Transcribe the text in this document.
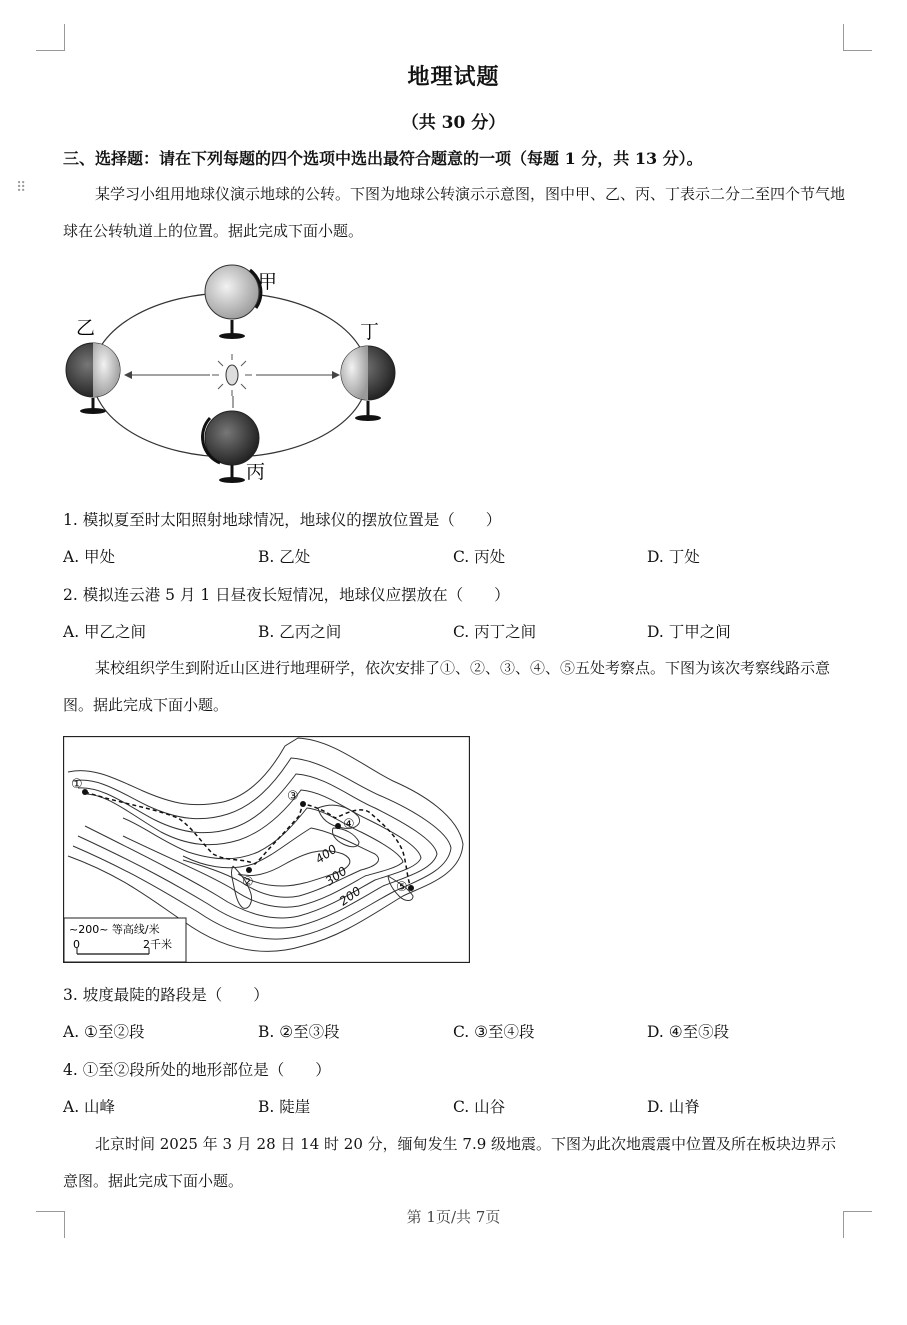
⠿
地理试题
（共 30 分）
三、选择题：请在下列每题的四个选项中选出最符合题意的一项（每题 1 分，共 13 分）。
某学习小组用地球仪演示地球的公转。下图为地球公转演示示意图，图中甲、乙、丙、丁表示二分二至四个节气地球在公转轨道上的位置。据此完成下面小题。
甲
乙
丙
丁
1. 模拟夏至时太阳照射地球情况，地球仪的摆放位置是（　　）
A. 甲处	B. 乙处	C. 丙处	D. 丁处
2. 模拟连云港 5 月 1 日昼夜长短情况，地球仪应摆放在（　　）
A. 甲乙之间	B. 乙丙之间	C. 丙丁之间	D. 丁甲之间
某校组织学生到附近山区进行地理研学，依次安排了①、②、③、④、⑤五处考察点。下图为该次考察线路示意图。据此完成下面小题。
①
②
③
④
⑤
400
300
200
~200~ 等高线/米
0	2千米
3. 坡度最陡的路段是（　　）
A. ①至②段	B. ②至③段	C. ③至④段	D. ④至⑤段
4. ①至②段所处的地形部位是（　　）
A. 山峰	B. 陡崖	C. 山谷	D. 山脊
北京时间 2025 年 3 月 28 日 14 时 20 分，缅甸发生 7.9 级地震。下图为此次地震震中位置及所在板块边界示意图。据此完成下面小题。
第 1页/共 7页
